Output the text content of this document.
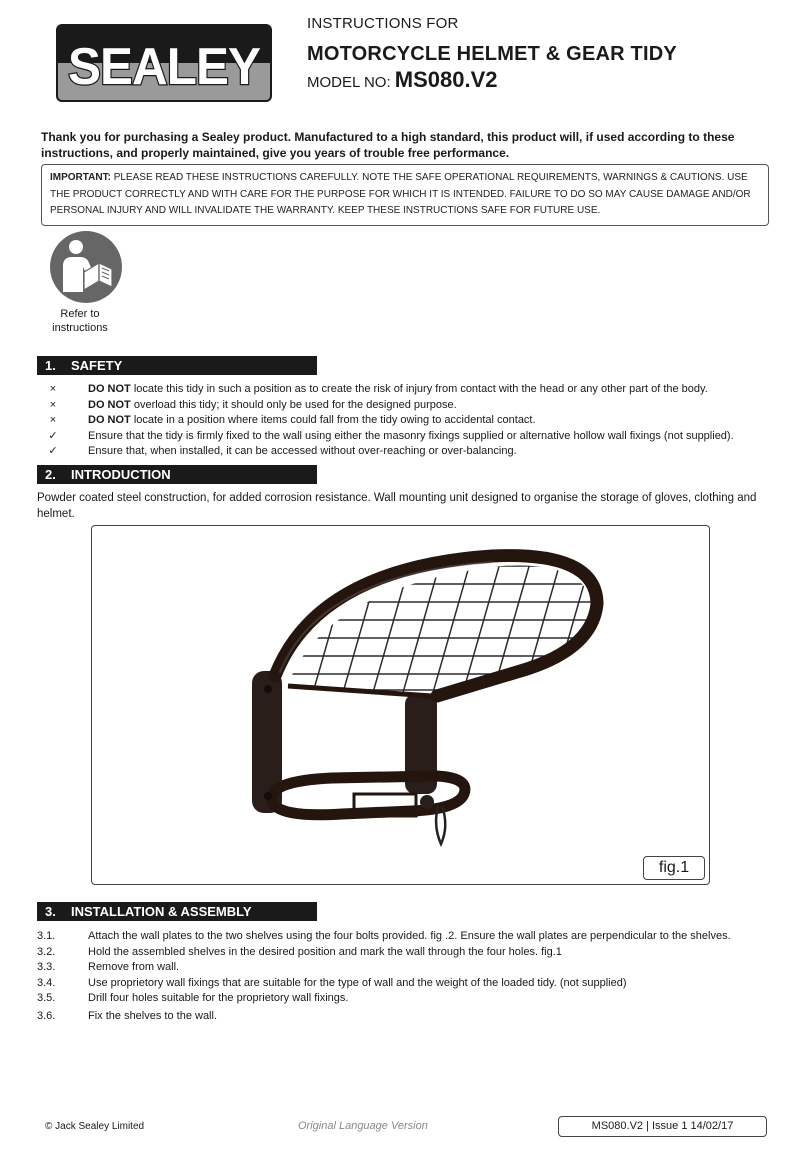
SEALEY
INSTRUCTIONS FOR
MOTORCYCLE HELMET & GEAR TIDY
MODEL NO: MS080.V2
Thank you for purchasing a Sealey product. Manufactured to a high standard, this product will, if used according to these instructions, and properly maintained, give you years of trouble free performance.
IMPORTANT: PLEASE READ THESE INSTRUCTIONS CAREFULLY. NOTE THE SAFE OPERATIONAL REQUIREMENTS, WARNINGS & CAUTIONS. USE THE PRODUCT CORRECTLY AND WITH CARE FOR THE PURPOSE FOR WHICH IT IS INTENDED. FAILURE TO DO SO MAY CAUSE DAMAGE AND/OR PERSONAL INJURY AND WILL INVALIDATE THE WARRANTY. KEEP THESE INSTRUCTIONS SAFE FOR FUTURE USE.
Refer to instructions
1. SAFETY
×	DO NOT locate this tidy in such a position as to create the risk of injury from contact with the head or any other part of the body.
×	DO NOT overload this tidy; it should only be used for the designed purpose.
×	DO NOT locate in a position where items could fall from the tidy owing to accidental contact.
✓	Ensure that the tidy is firmly fixed to the wall using either the masonry fixings supplied or alternative hollow wall fixings (not supplied).
✓	Ensure that, when installed, it can be accessed without over-reaching or over-balancing.
2. INTRODUCTION
Powder coated steel construction, for added corrosion resistance. Wall mounting unit designed to organise the storage of gloves, clothing and helmet.
fig.1
3. INSTALLATION & ASSEMBLY
3.1.	Attach the wall plates to the two shelves using the four bolts provided. fig .2. Ensure the wall plates are perpendicular to the shelves.
3.2.	Hold the assembled shelves in the desired position and mark the wall through the four holes. fig.1
3.3.	Remove from wall.
3.4.	Use proprietory wall fixings that are suitable for the type of wall and the weight of the loaded tidy. (not supplied)
3.5.	Drill four holes suitable for the proprietory wall fixings.
3.6.	Fix the shelves to the wall.
© Jack Sealey Limited	Original Language Version	MS080.V2 | Issue 1 14/02/17
